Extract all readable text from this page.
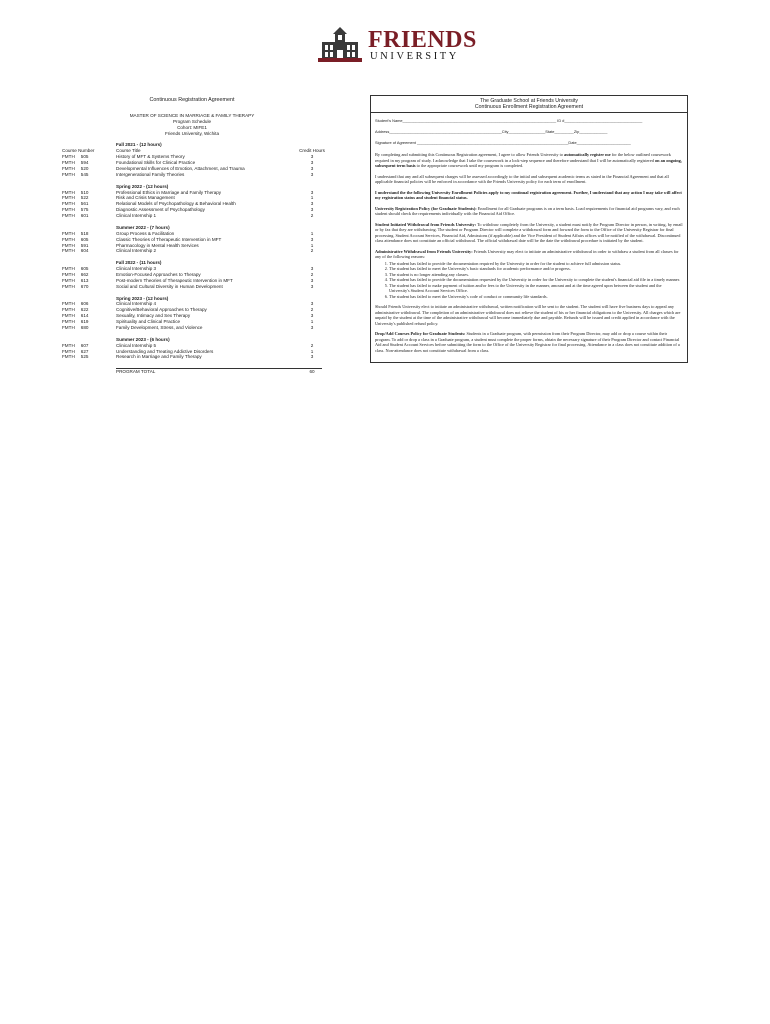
FRIENDS
UNIVERSITY
Continuous Registration Agreement
MASTER OF SCIENCE IN MARRIAGE & FAMILY THERAPY
Program Schedule
Cohort: MIFE1
Friends University, Wichita
Fall 2021 - (12 hours)
Course Number	Course Title	Credit Hours
FMTH 505	History of MFT & Systems Theory	3
FMTH 594	Foundational Skills for Clinical Practice	3
FMTH 520	Developmental Influences of Emotion, Attachment, and Trauma	3
FMTH 545	Intergenerational Family Theories	3
Spring 2022 - (12 hours)
FMTH 510	Professional Ethics in Marriage and Family Therapy	3
FMTH 522	Risk and Crisis Management	1
FMTH 561	Relational Models of Psychopathology & Behavioral Health	3
FMTH 575	Diagnostic Assessment of Psychopathology	3
FMTH 601	Clinical Internship 1	2
Summer 2022 - (7 hours)
FMTH 518	Group Process & Facilitation	1
FMTH 605	Classic Theories of Therapeutic Intervention in MFT	3
FMTH 591	Pharmacology in Mental Health Services	1
FMTH 604	Clinical Internship 2	2
Fall 2022 - (11 hours)
FMTH 605	Clinical Internship 3	3
FMTH 662	Emotion-Focused Approaches to Therapy	2
FMTH 613	Post-modern Theories of Therapeutic Intervention in MFT	3
FMTH 670	Social and Cultural Diversity in Human Development	3
Spring 2023 - (12 hours)
FMTH 606	Clinical Internship 4	3
FMTH 622	Cognitive/Behavioral Approaches to Therapy	2
FMTH 614	Sexuality, Intimacy and Sex Therapy	3
FMTH 619	Spirituality and Clinical Practice	1
FMTH 680	Family Development, Stress, and Violence	3
Summer 2023 - (6 hours)
FMTH 607	Clinical Internship 5	2
FMTH 627	Understanding and Treating Addictive Disorders	1
FMTH 525	Research in Marriage and Family Therapy	3
PROGRAM TOTAL	60
The Graduate School at Friends University
Continuous Enrollment Registration Agreement
Student's Name_______________________________________________________________________ ID #____________________________________
Address____________________________________________________City_________________State_________Zip_____________
Signature of Agreement ______________________________________________________________________Date_________________________

By completing and submitting this Continuous Registration agreement, I agree to allow Friends University to automatically register me for the below outlined coursework required in my program of study. I acknowledge that I take the coursework in a lock-step sequence and therefore understand that I will be automatically registered on an ongoing, subsequent term basis to the appropriate coursework until my program is completed.

I understand that any and all subsequent charges will be assessed accordingly to the initial and subsequent academic terms as stated in the Financial Agreement and that all applicable financial policies will be enforced in accordance with the Friends University policy for each term of enrollment.

I understand the the following University Enrollment Policies apply to my continual registration agreement. Further, I understand that any action I may take will affect my registration status and student financial status.

University Registration Policy (for Graduate Students): Enrollment for all Graduate programs is on a term basis. Load requirements for financial aid programs vary, and each student should check the requirements individually with the Financial Aid Office.

Student Initiated Withdrawal from Friends University: To withdraw completely from the University, a student must notify the Program Director in person, in writing, by email or by fax that they are withdrawing. The student or Program Director will complete a withdrawal form and forward the form to the Office of the University Registrar for final processing. Student Account Services, Financial Aid, Admissions (if applicable) and the Vice President of Student Affairs offices will be notified of the withdrawal. Discontinued class attendance does not constitute an official withdrawal. The official withdrawal date will be the date the withdrawal procedure is initiated by the student.

Administrative Withdrawal from Friends University: Friends University may elect to initiate an administrative withdrawal in order to withdraw a student from all classes for any of the following reasons:

1. The student has failed to provide the documentation required by the University in order for the student to achieve full admission status.
2. The student has failed to meet the University's basic standards for academic performance and/or progress.
3. The student is no longer attending any classes.
4. The student has failed to provide the documentation requested by the University in order for the University to complete the student's financial aid file in a timely manner.
5. The student has failed to make payment of tuition and/or fees to the University in the manner, amount and at the time agreed upon between the student and the University's Student Account Services Office.
6. The student has failed to meet the University's code of conduct or community life standards.

Should Friends University elect to initiate an administrative withdrawal, written notification will be sent to the student. The student will have five business days to appeal any administrative withdrawal. The completion of an administrative withdrawal does not relieve the student of his or her financial obligations to the University. All charges which are unpaid by the student at the time of the administrative withdrawal will become immediately due and payable. Refunds will be issued and credit applied in accordance with the University's published refund policy.

Drop/Add Courses Policy for Graduate Students: Students in a Graduate program, with permission from their Program Director, may add or drop a course within their program. To add or drop a class in a Graduate program, a student must complete the proper forms, obtain the necessary signature of their Program Director and contact Financial Aid and Student Account Services before submitting the form to the Office of the University Registrar for final processing. Attendance in a class does not constitute addition of a class. Non-attendance does not constitute withdrawal from a class.
